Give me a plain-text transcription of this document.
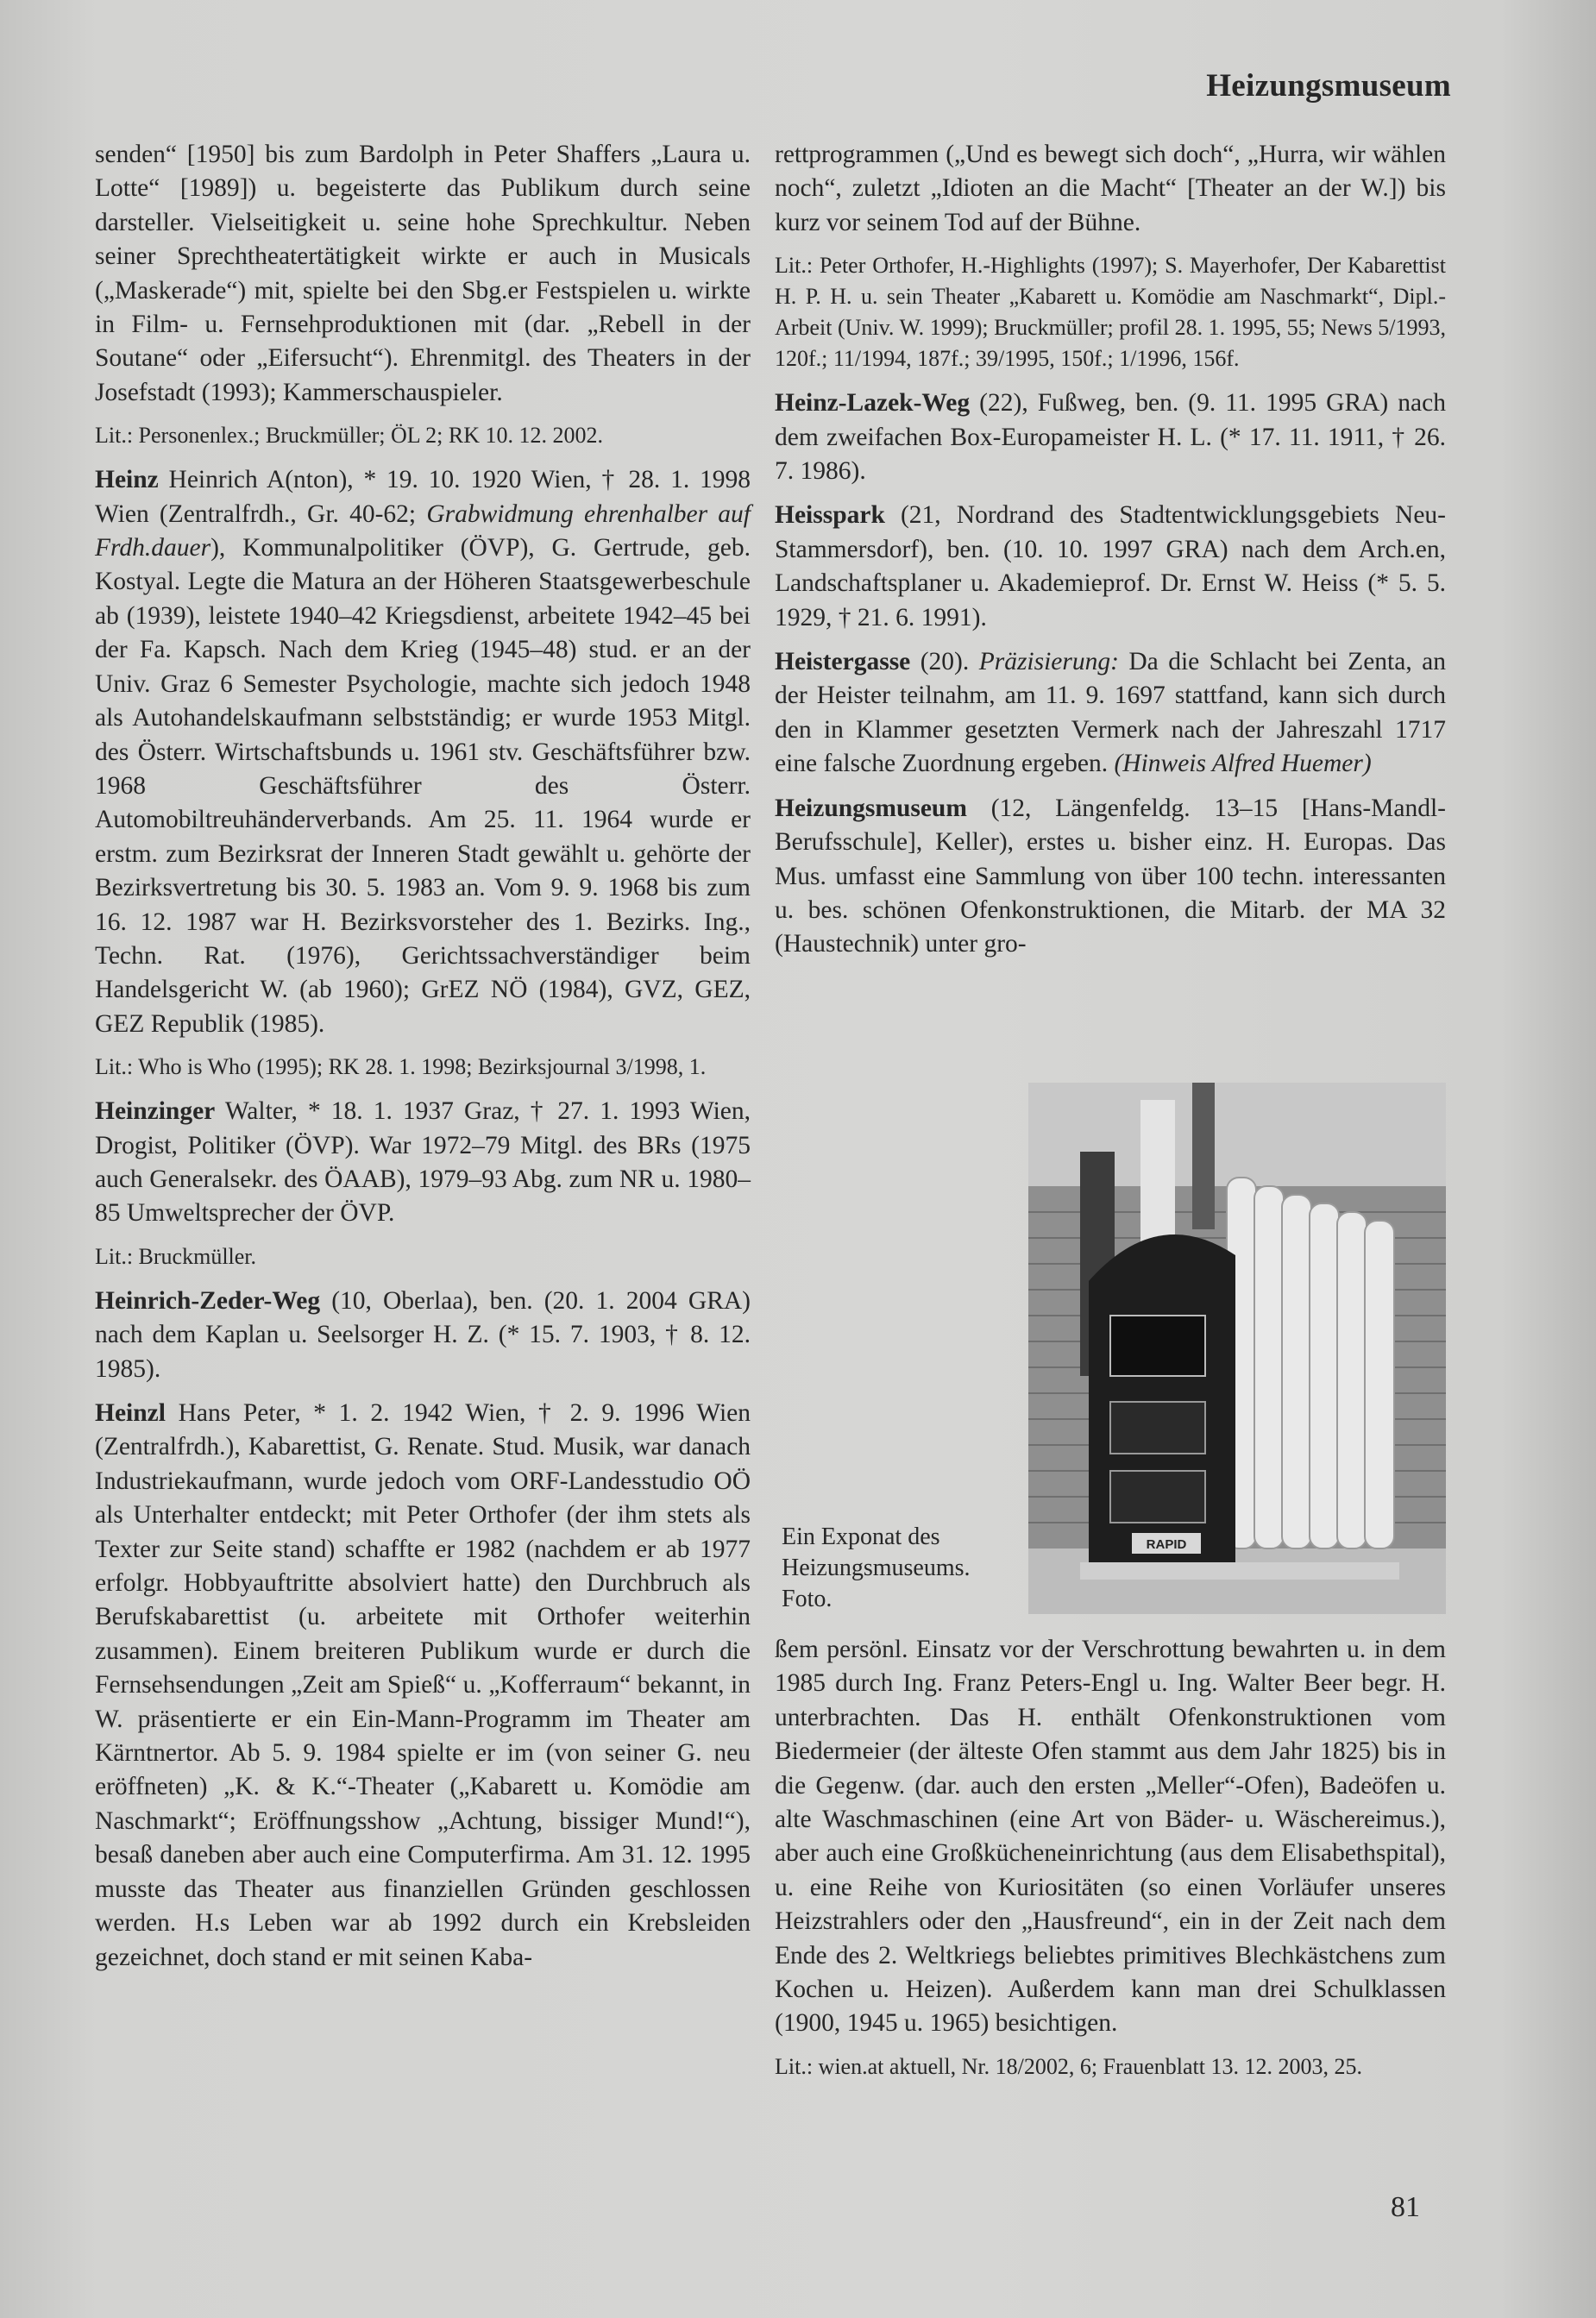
Heizungsmuseum

senden“ [1950] bis zum Bardolph in Peter Shaffers „Laura u. Lotte“ [1989]) u. begeisterte das Publikum durch seine darsteller. Vielseitigkeit u. seine hohe Sprechkultur. Neben seiner Sprechtheatertätigkeit wirkte er auch in Musicals („Maskerade“) mit, spielte bei den Sbg.er Festspielen u. wirkte in Film- u. Fernsehproduktionen mit (dar. „Rebell in der Soutane“ oder „Eifersucht“). Ehrenmitgl. des Theaters in der Josefstadt (1993); Kammerschauspieler.

Lit.: Personenlex.; Bruckmüller; ÖL 2; RK 10. 12. 2002.

Heinz Heinrich A(nton), * 19. 10. 1920 Wien, † 28. 1. 1998 Wien (Zentralfrdh., Gr. 40-62; Grabwidmung ehrenhalber auf Frdh.dauer), Kommunalpolitiker (ÖVP), G. Gertrude, geb. Kostyal. Legte die Matura an der Höheren Staatsgewerbeschule ab (1939), leistete 1940–42 Kriegsdienst, arbeitete 1942–45 bei der Fa. Kapsch. Nach dem Krieg (1945–48) stud. er an der Univ. Graz 6 Semester Psychologie, machte sich jedoch 1948 als Autohandelskaufmann selbstständig; er wurde 1953 Mitgl. des Österr. Wirtschaftsbunds u. 1961 stv. Geschäftsführer bzw. 1968 Geschäftsführer des Österr. Automobiltreuhänderverbands. Am 25. 11. 1964 wurde er erstm. zum Bezirksrat der Inneren Stadt gewählt u. gehörte der Bezirksvertretung bis 30. 5. 1983 an. Vom 9. 9. 1968 bis zum 16. 12. 1987 war H. Bezirksvorsteher des 1. Bezirks. Ing., Techn. Rat. (1976), Gerichtssachverständiger beim Handelsgericht W. (ab 1960); GrEZ NÖ (1984), GVZ, GEZ, GEZ Republik (1985).

Lit.: Who is Who (1995); RK 28. 1. 1998; Bezirksjournal 3/1998, 1.

Heinzinger Walter, * 18. 1. 1937 Graz, † 27. 1. 1993 Wien, Drogist, Politiker (ÖVP). War 1972–79 Mitgl. des BRs (1975 auch Generalsekr. des ÖAAB), 1979–93 Abg. zum NR u. 1980–85 Umweltsprecher der ÖVP.

Lit.: Bruckmüller.

Heinrich-Zeder-Weg (10, Oberlaa), ben. (20. 1. 2004 GRA) nach dem Kaplan u. Seelsorger H. Z. (* 15. 7. 1903, † 8. 12. 1985).

Heinzl Hans Peter, * 1. 2. 1942 Wien, † 2. 9. 1996 Wien (Zentralfrdh.), Kabarettist, G. Renate. Stud. Musik, war danach Industriekaufmann, wurde jedoch vom ORF-Landesstudio OÖ als Unterhalter entdeckt; mit Peter Orthofer (der ihm stets als Texter zur Seite stand) schaffte er 1982 (nachdem er ab 1977 erfolgr. Hobbyauftritte absolviert hatte) den Durchbruch als Berufskabarettist (u. arbeitete mit Orthofer weiterhin zusammen). Einem breiteren Publikum wurde er durch die Fernsehsendungen „Zeit am Spieß“ u. „Kofferraum“ bekannt, in W. präsentierte er ein Ein-Mann-Programm im Theater am Kärntnertor. Ab 5. 9. 1984 spielte er im (von seiner G. neu eröffneten) „K. & K.“-Theater („Kabarett u. Komödie am Naschmarkt“; Eröffnungsshow „Achtung, bissiger Mund!“), besaß daneben aber auch eine Computerfirma. Am 31. 12. 1995 musste das Theater aus finanziellen Gründen geschlossen werden. H.s Leben war ab 1992 durch ein Krebsleiden gezeichnet, doch stand er mit seinen Kaba-

rettprogrammen („Und es bewegt sich doch“, „Hurra, wir wählen noch“, zuletzt „Idioten an die Macht“ [Theater an der W.]) bis kurz vor seinem Tod auf der Bühne.

Lit.: Peter Orthofer, H.-Highlights (1997); S. Mayerhofer, Der Kabarettist H. P. H. u. sein Theater „Kabarett u. Komödie am Naschmarkt“, Dipl.-Arbeit (Univ. W. 1999); Bruckmüller; profil 28. 1. 1995, 55; News 5/1993, 120f.; 11/1994, 187f.; 39/1995, 150f.; 1/1996, 156f.

Heinz-Lazek-Weg (22), Fußweg, ben. (9. 11. 1995 GRA) nach dem zweifachen Box-Europameister H. L. (* 17. 11. 1911, † 26. 7. 1986).

Heisspark (21, Nordrand des Stadtentwicklungsgebiets Neu-Stammersdorf), ben. (10. 10. 1997 GRA) nach dem Arch.en, Landschaftsplaner u. Akademieprof. Dr. Ernst W. Heiss (* 5. 5. 1929, † 21. 6. 1991).

Heistergasse (20). Präzisierung: Da die Schlacht bei Zenta, an der Heister teilnahm, am 11. 9. 1697 stattfand, kann sich durch den in Klammer gesetzten Vermerk nach der Jahreszahl 1717 eine falsche Zuordnung ergeben. (Hinweis Alfred Huemer)

Heizungsmuseum (12, Längenfeldg. 13–15 [Hans-Mandl-Berufsschule], Keller), erstes u. bisher einz. H. Europas. Das Mus. umfasst eine Sammlung von über 100 techn. interessanten u. bes. schönen Ofenkonstruktionen, die Mitarb. der MA 32 (Haustechnik) unter gro-

RAPID
Ein Exponat des Heizungsmuseums. Foto.

ßem persönl. Einsatz vor der Verschrottung bewahrten u. in dem 1985 durch Ing. Franz Peters-Engl u. Ing. Walter Beer begr. H. unterbrachten. Das H. enthält Ofenkonstruktionen vom Biedermeier (der älteste Ofen stammt aus dem Jahr 1825) bis in die Gegenw. (dar. auch den ersten „Meller“-Ofen), Badeöfen u. alte Waschmaschinen (eine Art von Bäder- u. Wäschereimus.), aber auch eine Großkücheneinrichtung (aus dem Elisabethspital), u. eine Reihe von Kuriositäten (so einen Vorläufer unseres Heizstrahlers oder den „Hausfreund“, ein in der Zeit nach dem Ende des 2. Weltkriegs beliebtes primitives Blechkästchens zum Kochen u. Heizen). Außerdem kann man drei Schulklassen (1900, 1945 u. 1965) besichtigen.

Lit.: wien.at aktuell, Nr. 18/2002, 6; Frauenblatt 13. 12. 2003, 25.

81
